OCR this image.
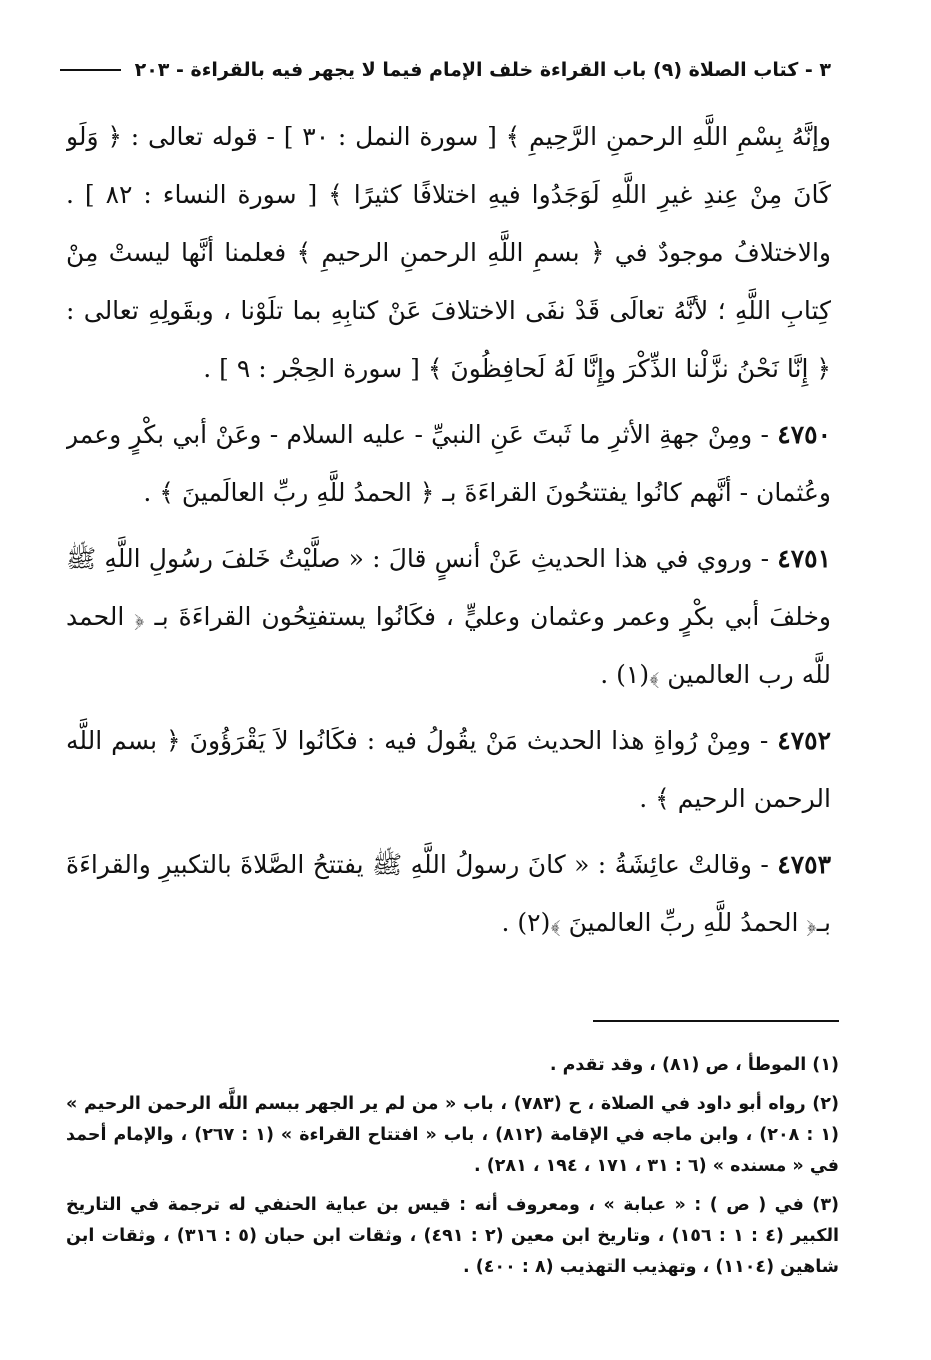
٣ - كتاب الصلاة (٩) باب القراءة خلف الإمام فيما لا يجهر فيه بالقراءة - ٢٠٣

وإنَّهُ بِسْمِ اللَّهِ الرحمنِ الرَّحِيمِ ﴾ [ سورة النمل : ٣٠ ] - قوله تعالى : ﴿ وَلَو كَانَ مِنْ عِندِ غيرِ اللَّهِ لَوَجَدُوا فيهِ اختلافًا كثيرًا ﴾ [ سورة النساء : ٨٢ ] . والاختلافُ موجودٌ في ﴿ بسمِ اللَّهِ الرحمنِ الرحيمِ ﴾ فعلمنا أنَّها ليستْ مِنْ كِتابِ اللَّهِ ؛ لأنَّهُ تعالَى قَدْ نفَى الاختلافَ عَنْ كتابِهِ بما تلَوْنا ، وبقَولِهِ تعالى : ﴿ إِنَّا نَحْنُ نزَّلْنا الذِّكْرَ وإِنَّا لَهُ لَحافِظُونَ ﴾ [ سورة الحِجْر : ٩ ] .

٤٧٥٠ - ومِنْ جهةِ الأثرِ ما ثَبتَ عَنِ النبيِّ - عليه السلام - وعَنْ أبي بكْرٍ وعمر وعُثمان - أنَّهم كانُوا يفتتحُونَ القراءَةَ بـ ﴿ الحمدُ للَّهِ ربِّ العالَمينَ ﴾ .

٤٧٥١ - وروي في هذا الحديثِ عَنْ أنسٍ قالَ : « صلَّيْتُ خَلفَ رسُولِ اللَّهِ ﷺ وخلفَ أبي بكْرٍ وعمر وعثمان وعليٍّ ، فكَانُوا يستفتِحُون القراءَةَ بـ ﴿ الحمد للَّه رب العالمين ﴾(١) .

٤٧٥٢ - ومِنْ رُواةِ هذا الحديث مَنْ يقُولُ فيه : فكَانُوا لاَ يَقْرَؤُونَ ﴿ بسم اللَّه الرحمن الرحيم ﴾ .

٤٧٥٣ - وقالتْ عائِشَةُ : « كانَ رسولُ اللَّهِ ﷺ يفتتحُ الصَّلاةَ بالتكبيرِ والقراءَةَ بـ﴿ الحمدُ للَّهِ ربِّ العالمينَ ﴾(٢) .

(١) الموطأ ، ص (٨١) ، وقد تقدم .

(٢) رواه أبو داود في الصلاة ، ح (٧٨٣) ، باب « من لم ير الجهر ببسم اللَّه الرحمن الرحيم » (١ : ٢٠٨) ، وابن ماجه في الإقامة (٨١٢) ، باب « افتتاح القراءة » (١ : ٢٦٧) ، والإمام أحمد في « مسنده » (٦ : ٣١ ، ١٧١ ، ١٩٤ ، ٢٨١) .

(٣) في ( ص ) : « عبابة » ، ومعروف أنه : قيس بن عباية الحنفي له ترجمة في التاريخ الكبير (٤ : ١ : ١٥٦) ، وتاريخ ابن معين (٢ : ٤٩١) ، وثقات ابن حبان (٥ : ٣١٦) ، وثقات ابن شاهين (١١٠٤) ، وتهذيب التهذيب (٨ : ٤٠٠) .
